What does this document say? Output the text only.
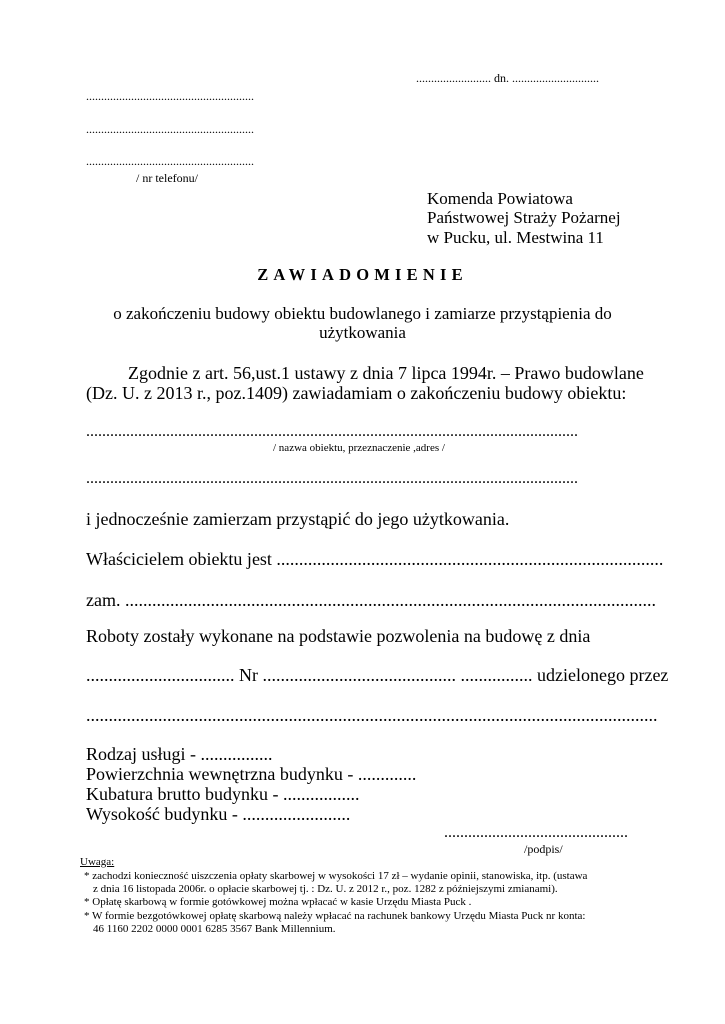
......................... dn. .............................
........................................................
........................................................
........................................................
/ nr telefonu/
Komenda Powiatowa
Państwowej Straży Pożarnej
w Pucku, ul. Mestwina 11
ZAWIADOMIENIE
o zakończeniu budowy obiektu budowlanego i zamiarze przystąpienia do
użytkowania
Zgodnie z art. 56,ust.1 ustawy z dnia 7 lipca 1994r. – Prawo budowlane
(Dz. U. z 2013 r., poz.1409) zawiadamiam o zakończeniu budowy obiektu:
...........................................................................................................................
/ nazwa obiektu, przeznaczenie ,adres /
...........................................................................................................................
i jednocześnie zamierzam przystąpić do jego użytkowania.
Właścicielem obiektu jest ......................................................................................
zam. ......................................................................................................................
Roboty zostały wykonane na podstawie pozwolenia na budowę z dnia
................................. Nr ........................................... ................ udzielonego przez
...............................................................................................................................
Rodzaj usługi - ................
Powierzchnia wewnętrzna budynku - .............
Kubatura brutto budynku - .................
Wysokość budynku - ........................
..............................................
/podpis/
Uwaga:
* zachodzi konieczność uiszczenia opłaty skarbowej w wysokości 17 zł – wydanie opinii, stanowiska, itp. (ustawa
z dnia 16 listopada 2006r. o opłacie skarbowej tj. : Dz. U. z 2012 r., poz. 1282 z późniejszymi zmianami).
* Opłatę skarbową w formie gotówkowej można wpłacać w kasie Urzędu Miasta Puck .
* W formie bezgotówkowej opłatę skarbową należy wpłacać na rachunek bankowy Urzędu Miasta Puck nr konta:
46 1160 2202 0000 0001 6285 3567 Bank Millennium.
